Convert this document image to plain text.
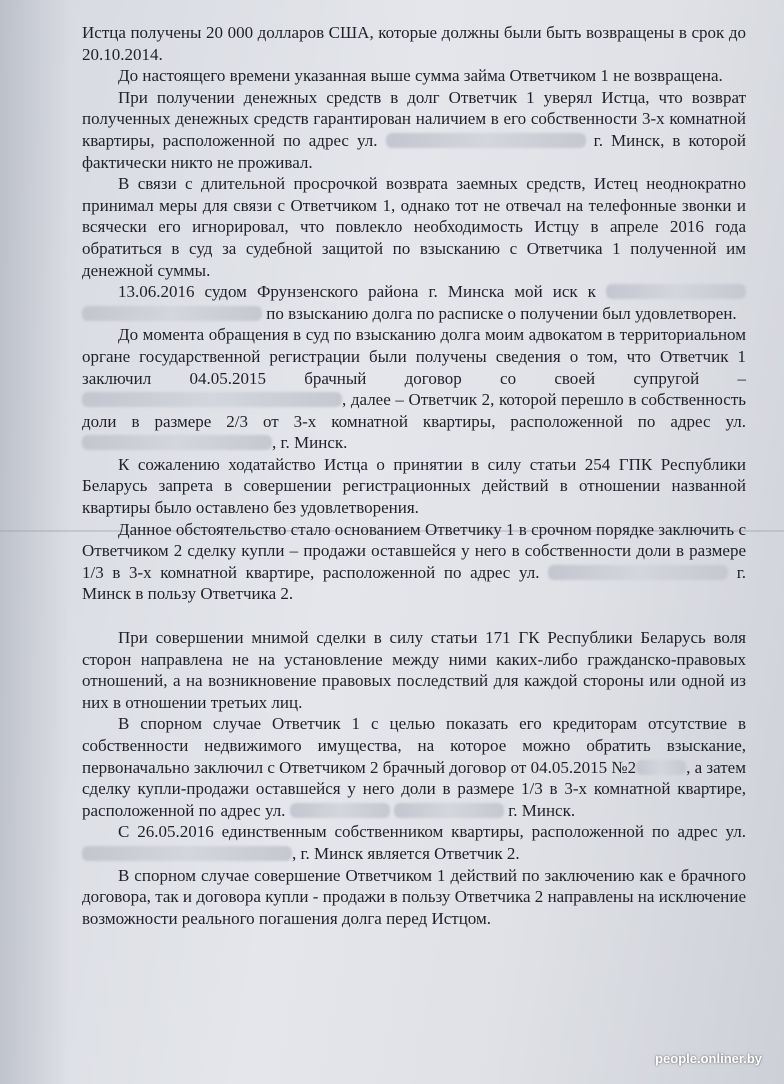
Истца получены 20 000 долларов США, которые должны были быть возвращены в срок до 20.10.2014.

До настоящего времени указанная выше сумма займа Ответчиком 1 не возвращена.

При получении денежных средств в долг Ответчик 1 уверял Истца, что возврат полученных денежных средств гарантирован наличием в его собственности 3-х комнатной квартиры, расположенной по адрес ул.	г. Минск, в которой фактически никто не проживал.

В связи с длительной просрочкой возврата заемных средств, Истец неоднократно принимал меры для связи с Ответчиком 1, однако тот не отвечал на телефонные звонки и всячески его игнорировал, что повлекло необходимость Истцу в апреле 2016 года обратиться в суд за судебной защитой по взысканию с Ответчика 1 полученной им денежной суммы.

13.06.2016 судом Фрунзенского района г. Минска мой иск к   по взысканию долга по расписке о получении был удовлетворен.

До момента обращения в суд по взысканию долга моим адвокатом в территориальном органе государственной регистрации были получены сведения о том, что Ответчик 1 заключил 04.05.2015 брачный договор со своей супругой – , далее – Ответчик 2, которой перешло в собственность доли в размере 2/3 от 3-х комнатной квартиры, расположенной по адрес ул. , г. Минск.

К сожалению ходатайство Истца о принятии в силу статьи 254 ГПК Республики Беларусь запрета в совершении регистрационных действий в отношении названной квартиры было оставлено без удовлетворения.

Данное обстоятельство стало основанием Ответчику 1 в срочном порядке заключить с Ответчиком 2 сделку купли – продажи оставшейся у него в собственности доли в размере 1/3 в 3-х комнатной квартире, расположенной по адрес ул.	г. Минск в пользу Ответчика 2.

При совершении мнимой сделки в силу статьи 171 ГК Республики Беларусь воля сторон направлена не на установление между ними каких-либо гражданско-правовых отношений, а на возникновение правовых последствий для каждой стороны или одной из них в отношении третьих лиц.

В спорном случае Ответчик 1 с целью показать его кредиторам отсутствие в собственности недвижимого имущества, на которое можно обратить взыскание, первоначально заключил с Ответчиком 2 брачный договор от 04.05.2015 №2	, а затем сделку купли-продажи оставшейся у него доли в размере 1/3 в 3-х комнатной квартире, расположенной по адрес ул.	г. Минск.

С 26.05.2016 единственным собственником квартиры, расположенной по адрес ул. , г. Минск является Ответчик 2.

В спорном случае совершение Ответчиком 1 действий по заключению как е брачного договора, так и договора купли - продажи в пользу Ответчика 2 направлены на исключение возможности реального погашения долга перед Истцом.

people.onliner.by
